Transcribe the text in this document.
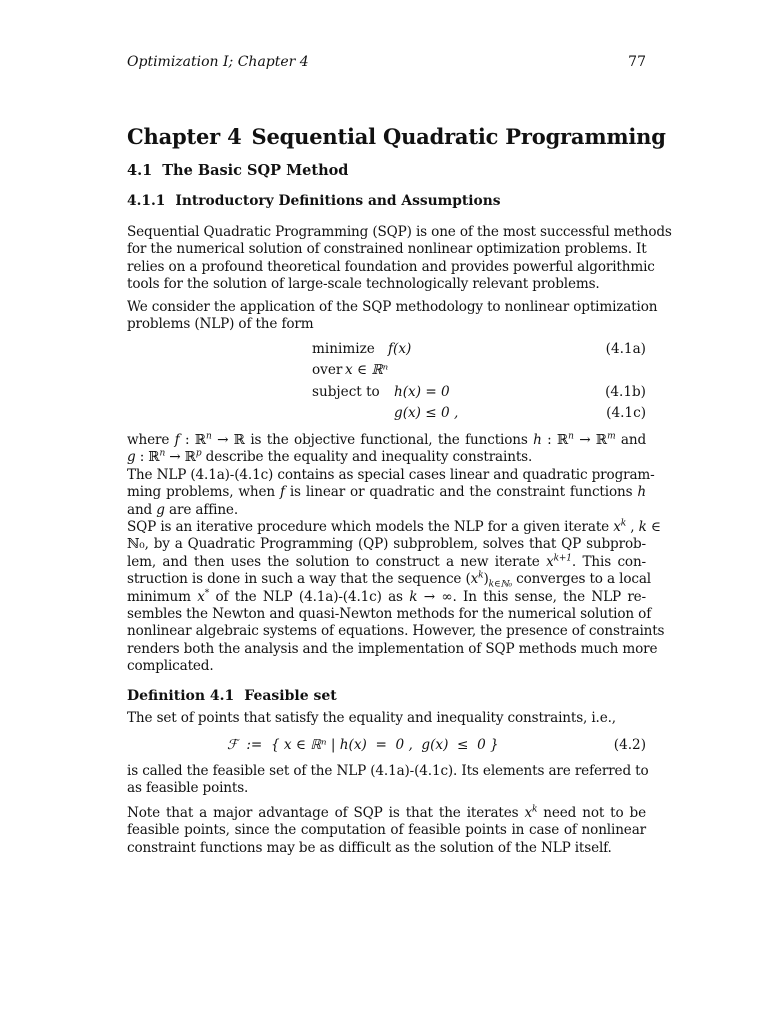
Optimization I; Chapter 4	77
Chapter 4 Sequential Quadratic Programming
4.1 The Basic SQP Method
4.1.1 Introductory Definitions and Assumptions

Sequential Quadratic Programming (SQP) is one of the most successful methods
for the numerical solution of constrained nonlinear optimization problems. It
relies on a profound theoretical foundation and provides powerful algorithmic
tools for the solution of large-scale technologically relevant problems.

We consider the application of the SQP methodology to nonlinear optimization
problems (NLP) of the form

minimize f(x)	(4.1a)
over x ∈ ℝⁿ
subject to h(x) = 0	(4.1b)
g(x) ≤ 0 ,	(4.1c)

where f : ℝ$^n$ → ℝ is the objective functional, the functions h : ℝ$^n$ → ℝ$^m$ and
g : ℝ$^n$ → ℝ$^p$ describe the equality and inequality constraints.
The NLP (4.1a)-(4.1c) contains as special cases linear and quadratic program-
ming problems, when f is linear or quadratic and the constraint functions h
and g are affine.

SQP is an iterative procedure which models the NLP for a given iterate $x^k$ , k ∈
ℕ₀, by a Quadratic Programming (QP) subproblem, solves that QP subprob-
lem, and then uses the solution to construct a new iterate $x^{k+1}$. This con-
struction is done in such a way that the sequence $(x^k)_{k\in ℕ_0}$ converges to a local
minimum x* of the NLP (4.1a)-(4.1c) as k → ∞. In this sense, the NLP re-
sembles the Newton and quasi-Newton methods for the numerical solution of
nonlinear algebraic systems of equations. However, the presence of constraints
renders both the analysis and the implementation of SQP methods much more
complicated.

Definition 4.1 Feasible set

The set of points that satisfy the equality and inequality constraints, i.e.,

ℱ  :=  { x ∈ ℝⁿ | h(x)  =  0 ,  g(x)  ≤  0 }	(4.2)

is called the feasible set of the NLP (4.1a)-(4.1c). Its elements are referred to
as feasible points.

Note that a major advantage of SQP is that the iterates $x^k$ need not to be
feasible points, since the computation of feasible points in case of nonlinear
constraint functions may be as difficult as the solution of the NLP itself.
